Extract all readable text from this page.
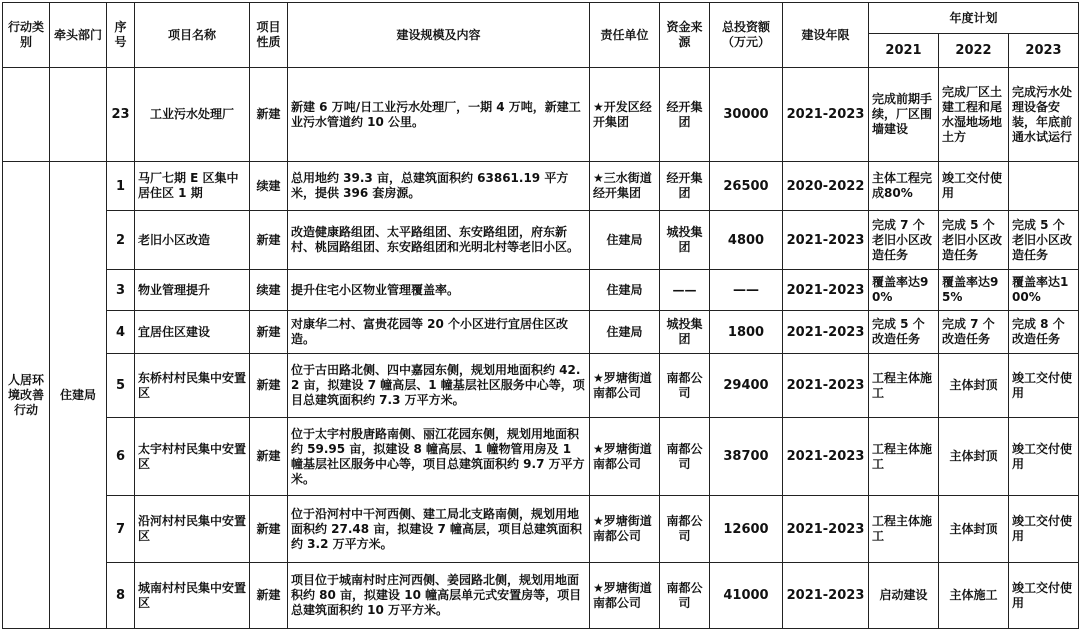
行动类别	牵头部门	序号	项目名称	项目性质	建设规模及内容	责任单位	资金来源	总投资额（万元）	建设年限	年度计划		
										2021	2022	2023
		23	工业污水处理厂	新建	新建 6 万吨/日工业污水处理厂，一期 4 万吨，新建工业污水管道约 10 公里。	★开发区经开集团	经开集团	30000	2021-2023	完成前期手续，厂区围墙建设	完成厂区土建工程和尾水湿地场地土方	完成污水处理设备安装，年底前通水试运行
人居环境改善行动	住建局	1	马厂七期 E 区集中居住区 1 期	续建	总用地约 39.3 亩，总建筑面积约 63861.19 平方米，提供 396 套房源。	★三水街道经开集团	经开集团	26500	2020-2022	主体工程完成80%	竣工交付使用	
		2	老旧小区改造	新建	改造健康路组团、太平路组团、东安路组团，府东新村、桃园路组团、东安路组团和光明北村等老旧小区。	住建局	城投集团	4800	2021-2023	完成 7 个老旧小区改造任务	完成 5 个老旧小区改造任务	完成 5 个老旧小区改造任务
		3	物业管理提升	续建	提升住宅小区物业管理覆盖率。	住建局	——	——	2021-2023	覆盖率达90%	覆盖率达95%	覆盖率达100%
		4	宜居住区建设	新建	对康华二村、富贵花园等 20 个小区进行宜居住区改造。	住建局	城投集团	1800	2021-2023	完成 5 个改造任务	完成 7 个改造任务	完成 8 个改造任务
		5	东桥村村民集中安置区	新建	位于古田路北侧、四中嘉园东侧，规划用地面积约 42.2 亩，拟建设 7 幢高层、1 幢基层社区服务中心等，项目总建筑面积约 7.3 万平方米。	★罗塘街道南都公司	南都公司	29400	2021-2023	工程主体施工	主体封顶	竣工交付使用
		6	太宇村村民集中安置区	新建	位于太宇村殷唐路南侧、丽江花园东侧，规划用地面积约 59.95 亩，拟建设 8 幢高层、1 幢物管用房及 1 幢基层社区服务中心等，项目总建筑面积约 9.7 万平方米。	★罗塘街道南都公司	南都公司	38700	2021-2023	工程主体施工	主体封顶	竣工交付使用
		7	沿河村村民集中安置区	新建	位于沿河村中干河西侧、建工局北支路南侧，规划用地面积约 27.48 亩，拟建设 7 幢高层，项目总建筑面积约 3.2 万平方米。	★罗塘街道南都公司	南都公司	12600	2021-2023	工程主体施工	主体封顶	竣工交付使用
		8	城南村村民集中安置区	新建	项目位于城南村时庄河西侧、姜园路北侧，规划用地面积约 80 亩，拟建设 10 幢高层单元式安置房等，项目总建筑面积约 10 万平方米。	★罗塘街道南都公司	南都公司	41000	2021-2023	启动建设	主体施工	竣工交付使用
